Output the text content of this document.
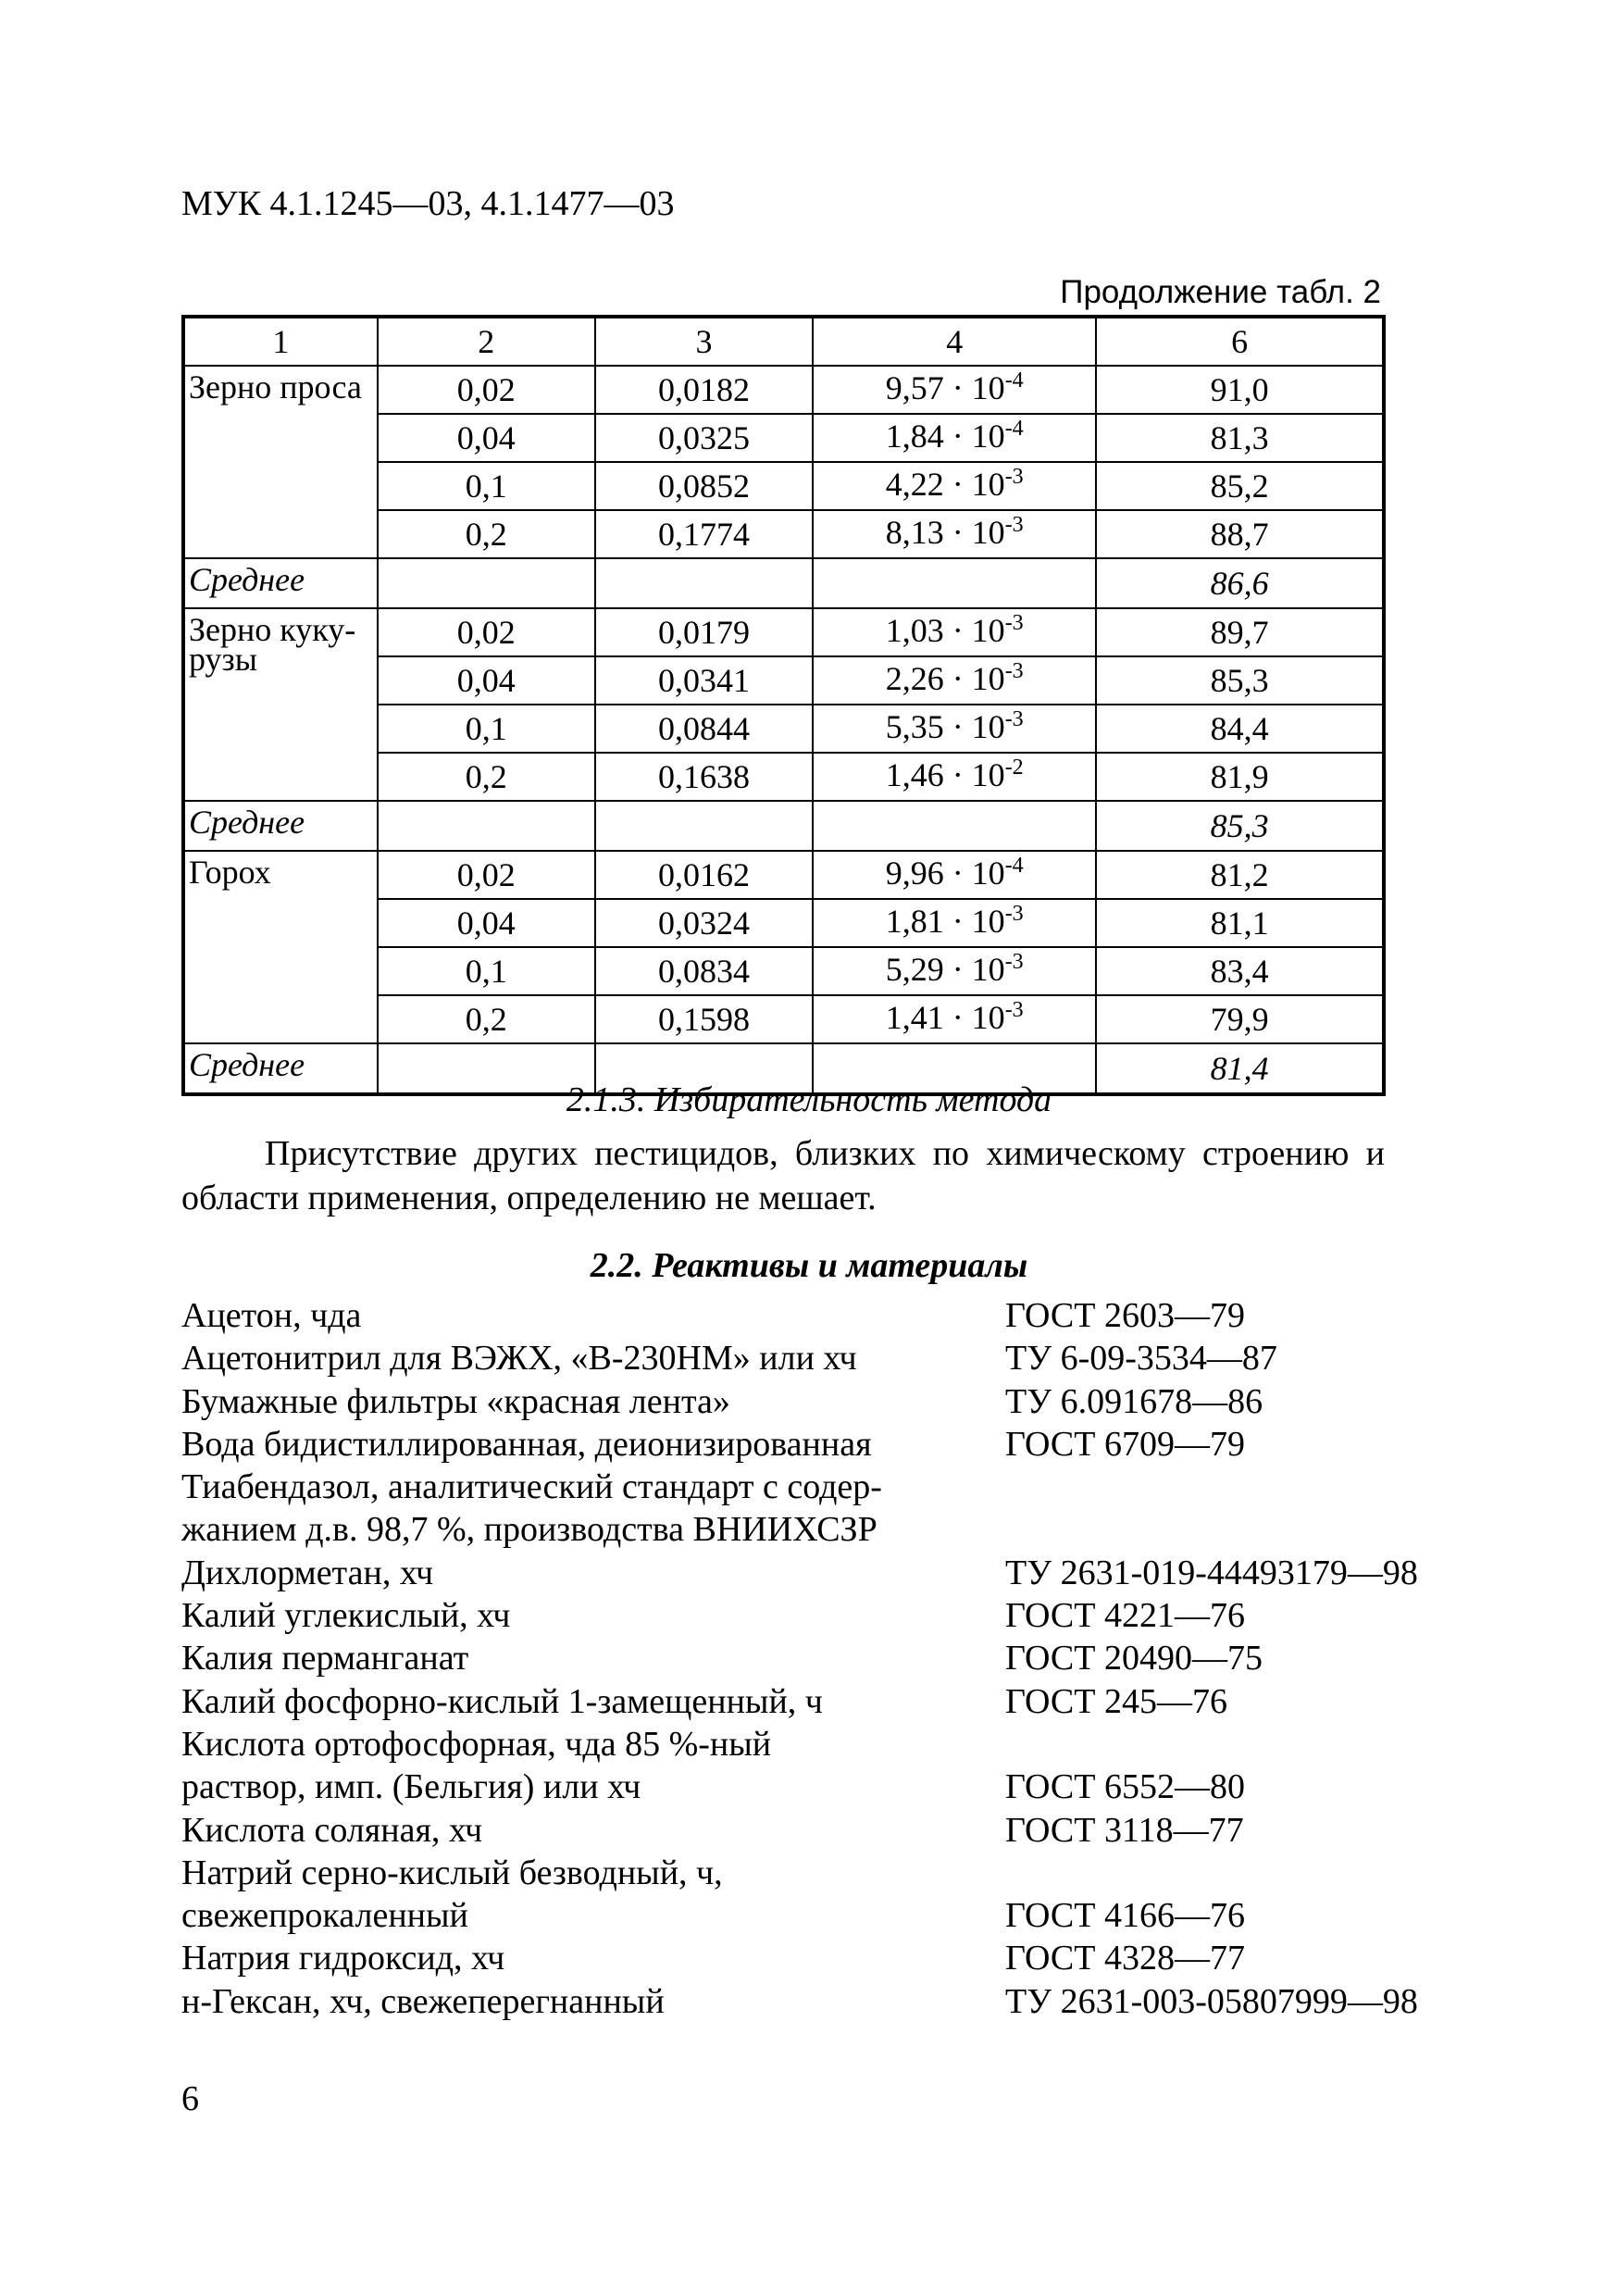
МУК 4.1.1245—03, 4.1.1477—03
Продолжение табл. 2
1	2	3	4	6

Зерно проса	0,02	0,0182	$9,57 \cdot 10^{-4}$	91,0
	0,04	0,0325	$1,84 \cdot 10^{-4}$	81,3
	0,1	0,0852	$4,22 \cdot 10^{-3}$	85,2
	0,2	0,1774	$8,13 \cdot 10^{-3}$	88,7
Среднее				86,6

Зерно куку-
рузы	0,02	0,0179	$1,03 \cdot 10^{-3}$	89,7
	0,04	0,0341	$2,26 \cdot 10^{-3}$	85,3
	0,1	0,0844	$5,35 \cdot 10^{-3}$	84,4
	0,2	0,1638	$1,46 \cdot 10^{-2}$	81,9
Среднее				85,3

Горох	0,02	0,0162	$9,96 \cdot 10^{-4}$	81,2
	0,04	0,0324	$1,81 \cdot 10^{-3}$	81,1
	0,1	0,0834	$5,29 \cdot 10^{-3}$	83,4
	0,2	0,1598	$1,41 \cdot 10^{-3}$	79,9
Среднее				81,4
2.1.3. Избирательность метода
Присутствие других пестицидов, близких по химическому строению и области применения, определению не мешает.
2.2. Реактивы и материалы
Ацетон, чда	ГОСТ 2603—79
Ацетонитрил для ВЭЖХ, «В-230НМ» или хч	ТУ 6-09-3534—87
Бумажные фильтры «красная лента»	ТУ 6.091678—86
Вода бидистиллированная, деионизированная	ГОСТ 6709—79
Тиабендазол, аналитический стандарт с содер-
жанием д.в. 98,7 %, производства ВНИИХСЗР
Дихлорметан, хч	ТУ 2631-019-44493179—98
Калий углекислый, хч	ГОСТ 4221—76
Калия перманганат	ГОСТ 20490—75
Калий фосфорно-кислый 1-замещенный, ч	ГОСТ 245—76
Кислота ортофосфорная, чда 85 %-ный
раствор, имп. (Бельгия) или хч	ГОСТ 6552—80
Кислота соляная, хч	ГОСТ 3118—77
Натрий серно-кислый безводный, ч,
свежепрокаленный	ГОСТ 4166—76
Натрия гидроксид, хч	ГОСТ 4328—77
н-Гексан, хч, свежеперегнанный	ТУ 2631-003-05807999—98
6
